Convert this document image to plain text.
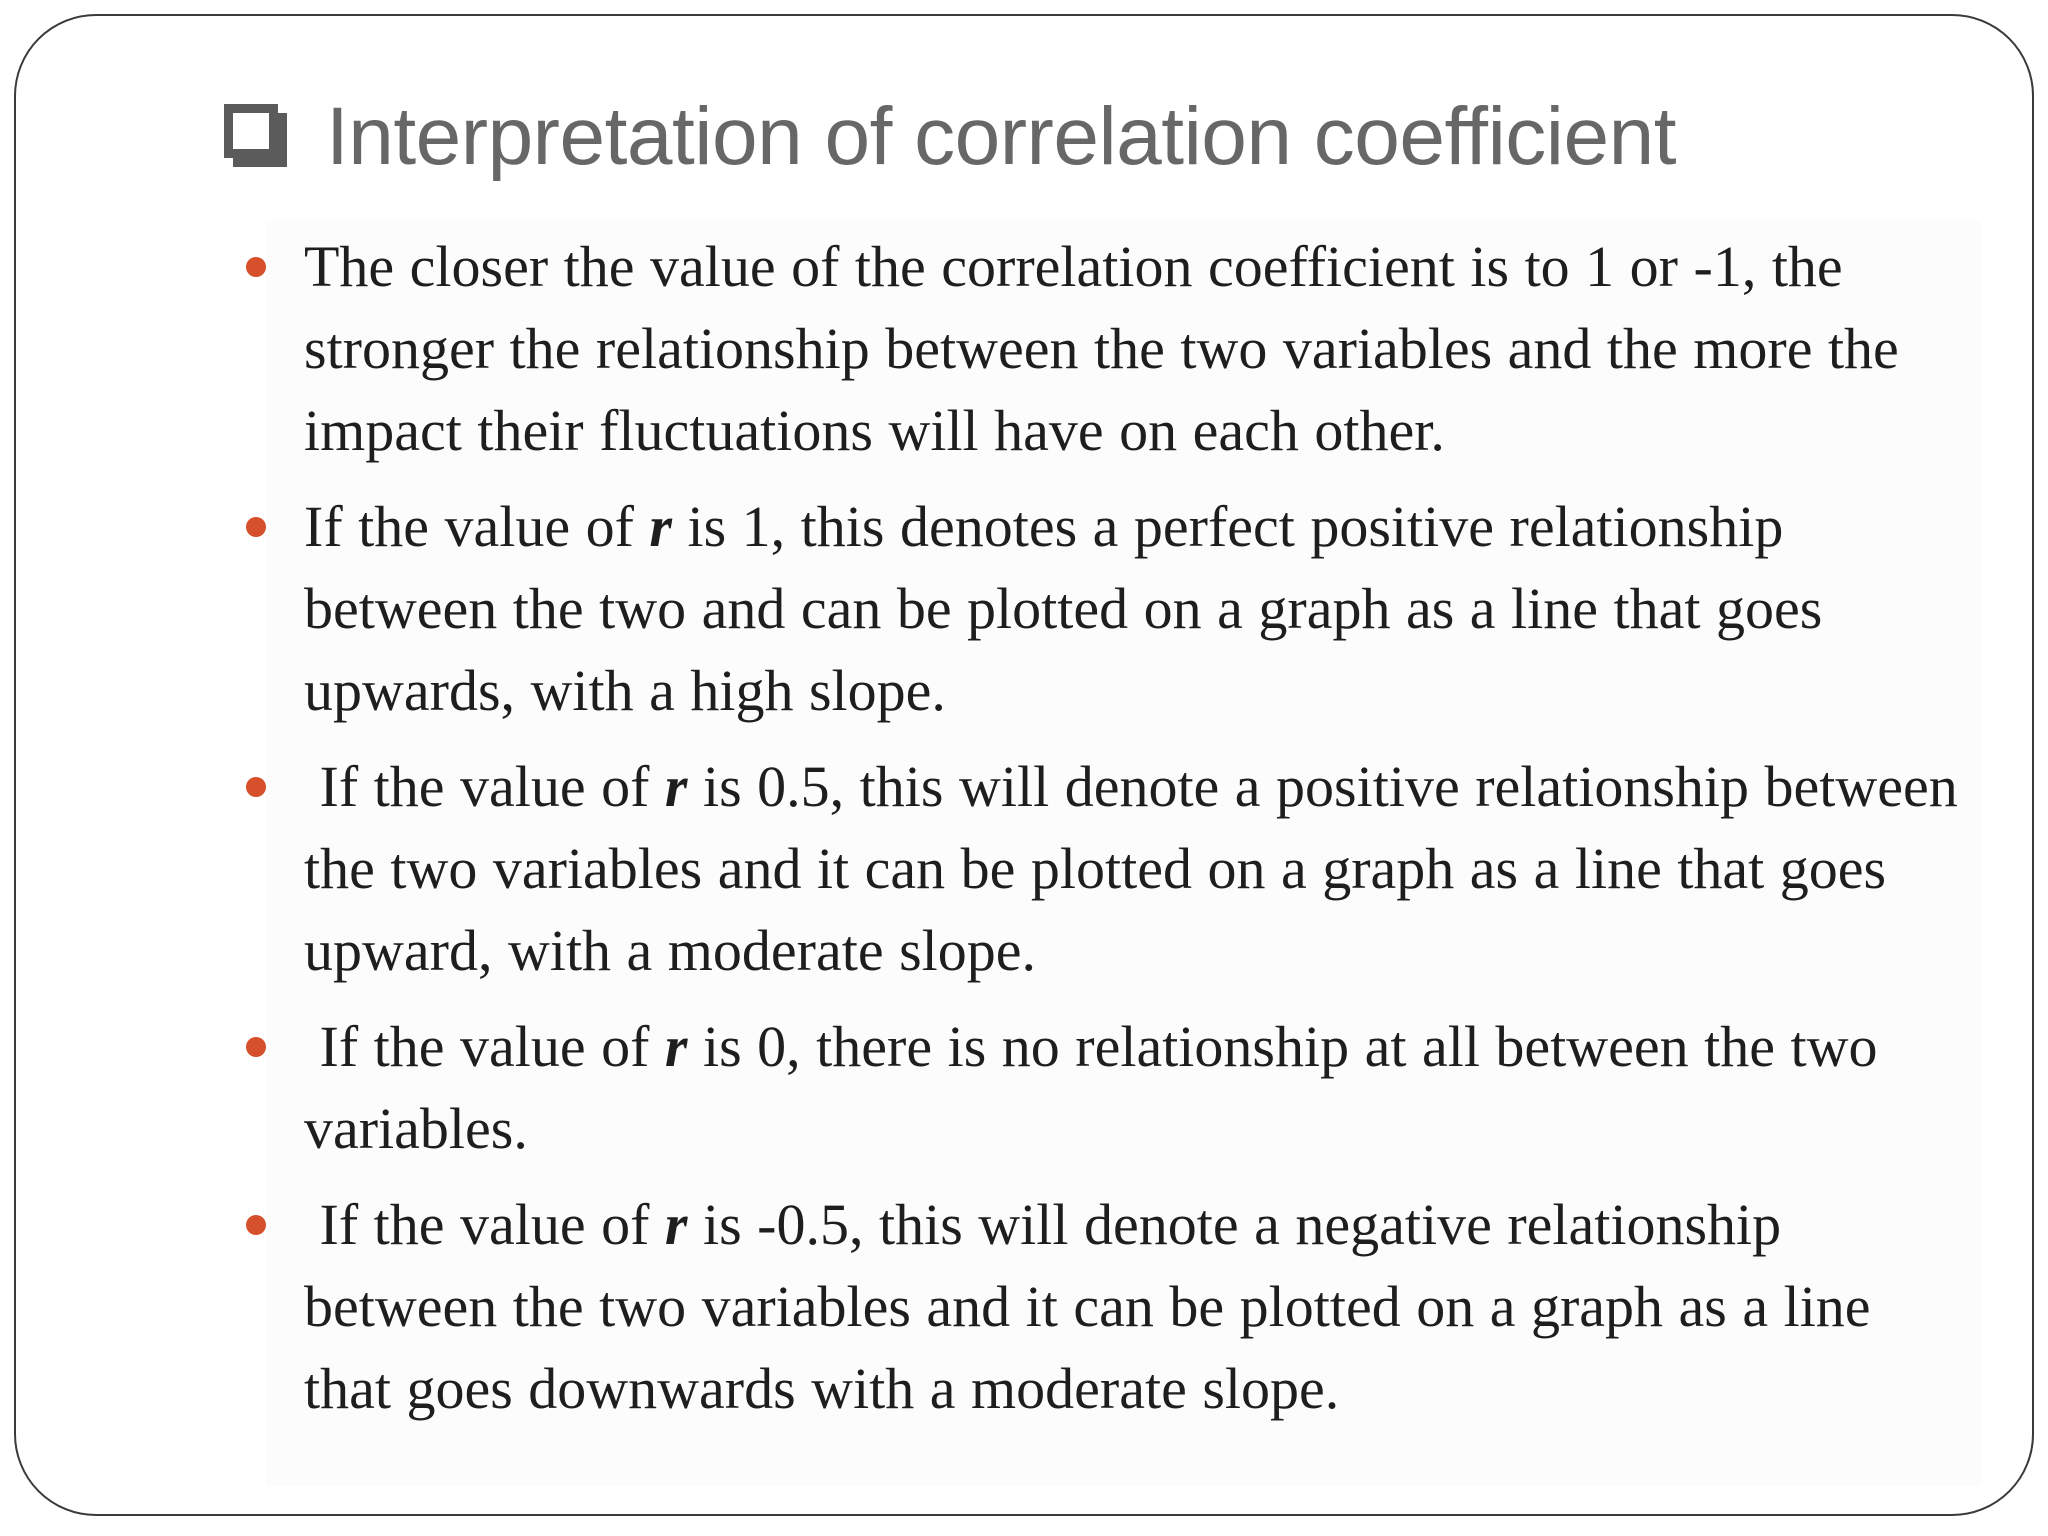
Interpretation of correlation coefficient
The closer the value of the correlation coefficient is to 1 or -1, the stronger the relationship between the two variables and the more the impact their fluctuations will have on each other.
If the value of r is 1, this denotes a perfect positive relationship between the two and can be plotted on a graph as a line that goes upwards, with a high slope.
If the value of r is 0.5, this will denote a positive relationship between the two variables and it can be plotted on a graph as a line that goes upward, with a moderate slope.
If the value of r is 0, there is no relationship at all between the two variables.
If the value of r is -0.5, this will denote a negative relationship between the two variables and it can be plotted on a graph as a line that goes downwards with a moderate slope.
